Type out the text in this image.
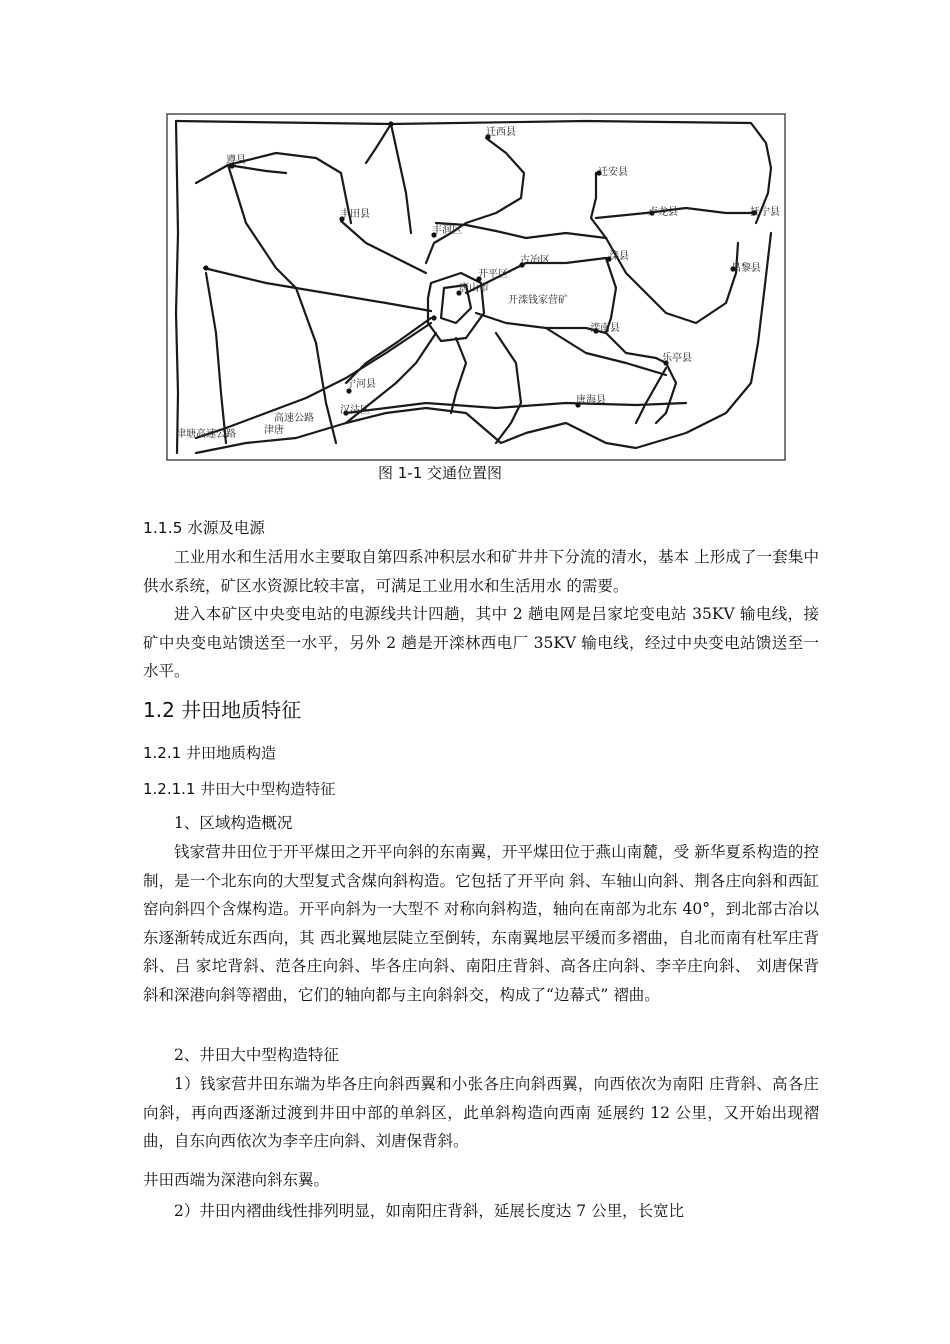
迁西县
遵县
迁安县
丰田县
丰润区
卢龙县	抚宁县
古冶区	滦县
昌黎县
开平区
唐山市
开滦钱家营矿
滦南县
乐亭县
宁河县
唐海县
汉沽区
高速公路
津唐
津塘高速公路
图 1-1 交通位置图
1.1.5 水源及电源
工业用水和生活用水主要取自第四系冲积层水和矿井井下分流的清水，基本 上形成了一套集中供水系统，矿区水资源比较丰富，可满足工业用水和生活用水 的需要。
进入本矿区中央变电站的电源线共计四趟，其中 2 趟电网是吕家坨变电站 35KV 输电线，接矿中央变电站馈送至一水平，另外 2 趟是开滦林西电厂 35KV 输电线，经过中央变电站馈送至一水平。
1.2 井田地质特征
1.2.1 井田地质构造
1.2.1.1 井田大中型构造特征
1、区域构造概况
钱家营井田位于开平煤田之开平向斜的东南翼，开平煤田位于燕山南麓，受 新华夏系构造的控制，是一个北东向的大型复式含煤向斜构造。它包括了开平向 斜、车轴山向斜、荆各庄向斜和西缸窑向斜四个含煤构造。开平向斜为一大型不 对称向斜构造，轴向在南部为北东 40°，到北部古冶以东逐渐转成近东西向，其 西北翼地层陡立至倒转，东南翼地层平缓而多褶曲，自北而南有杜军庄背斜、吕 家坨背斜、范各庄向斜、毕各庄向斜、南阳庄背斜、高各庄向斜、李辛庄向斜、 刘唐保背斜和深港向斜等褶曲，它们的轴向都与主向斜斜交，构成了“边幕式” 褶曲。
2、井田大中型构造特征
1）钱家营井田东端为毕各庄向斜西翼和小张各庄向斜西翼，向西依次为南阳 庄背斜、高各庄向斜，再向西逐渐过渡到井田中部的单斜区，此单斜构造向西南 延展约 12 公里，又开始出现褶曲，自东向西依次为李辛庄向斜、刘唐保背斜。
井田西端为深港向斜东翼。
2）井田内褶曲线性排列明显，如南阳庄背斜，延展长度达 7 公里，长宽比
